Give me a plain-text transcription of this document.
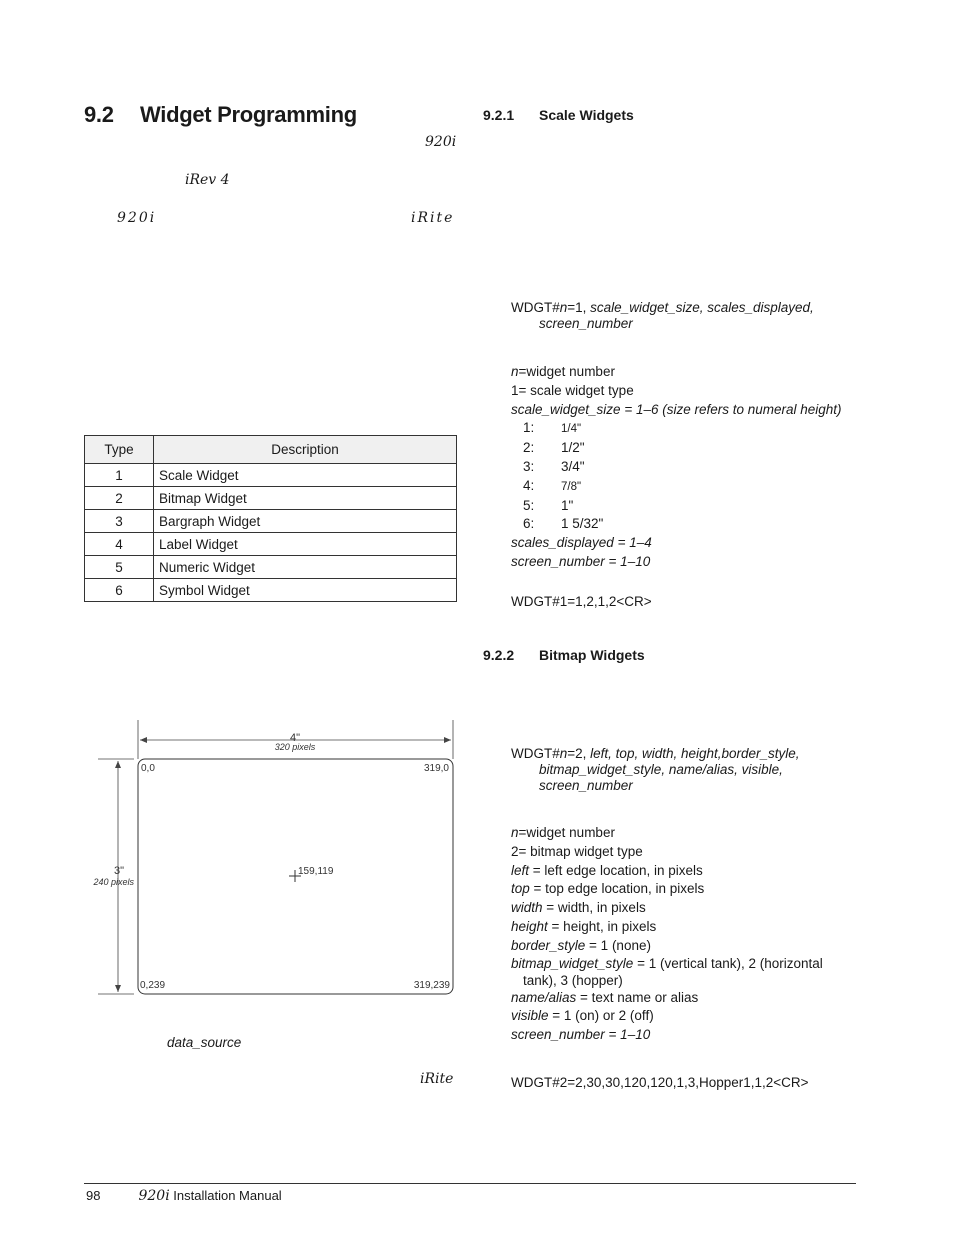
9.2 Widget Programming
920i
iRev 4
920i	iRite
Type	Description
1	Scale Widget
2	Bitmap Widget
3	Bargraph Widget
4	Label Widget
5	Numeric Widget
6	Symbol Widget
4"
320 pixels
3"
240 pixels
0,0	319,0
0,239	319,239
159,119
data_source
iRite
9.2.1 Scale Widgets
WDGT#n=1, scale_widget_size, scales_displayed,
screen_number
n=widget number
1= scale widget type
scale_widget_size = 1–6 (size refers to numeral height)
1: 1/4"
2: 1/2"
3: 3/4"
4: 7/8"
5: 1"
6: 1 5/32"
scales_displayed = 1–4
screen_number = 1–10
WDGT#1=1,2,1,2<CR>
9.2.2 Bitmap Widgets
WDGT#n=2, left, top, width, height,border_style,
bitmap_widget_style, name/alias, visible,
screen_number
n=widget number
2= bitmap widget type
left = left edge location, in pixels
top = top edge location, in pixels
width = width, in pixels
height = height, in pixels
border_style = 1 (none)
bitmap_widget_style = 1 (vertical tank), 2 (horizontal
tank), 3 (hopper)
name/alias = text name or alias
visible = 1 (on) or 2 (off)
screen_number = 1–10
WDGT#2=2,30,30,120,120,1,3,Hopper1,1,2<CR>
98	920i Installation Manual
